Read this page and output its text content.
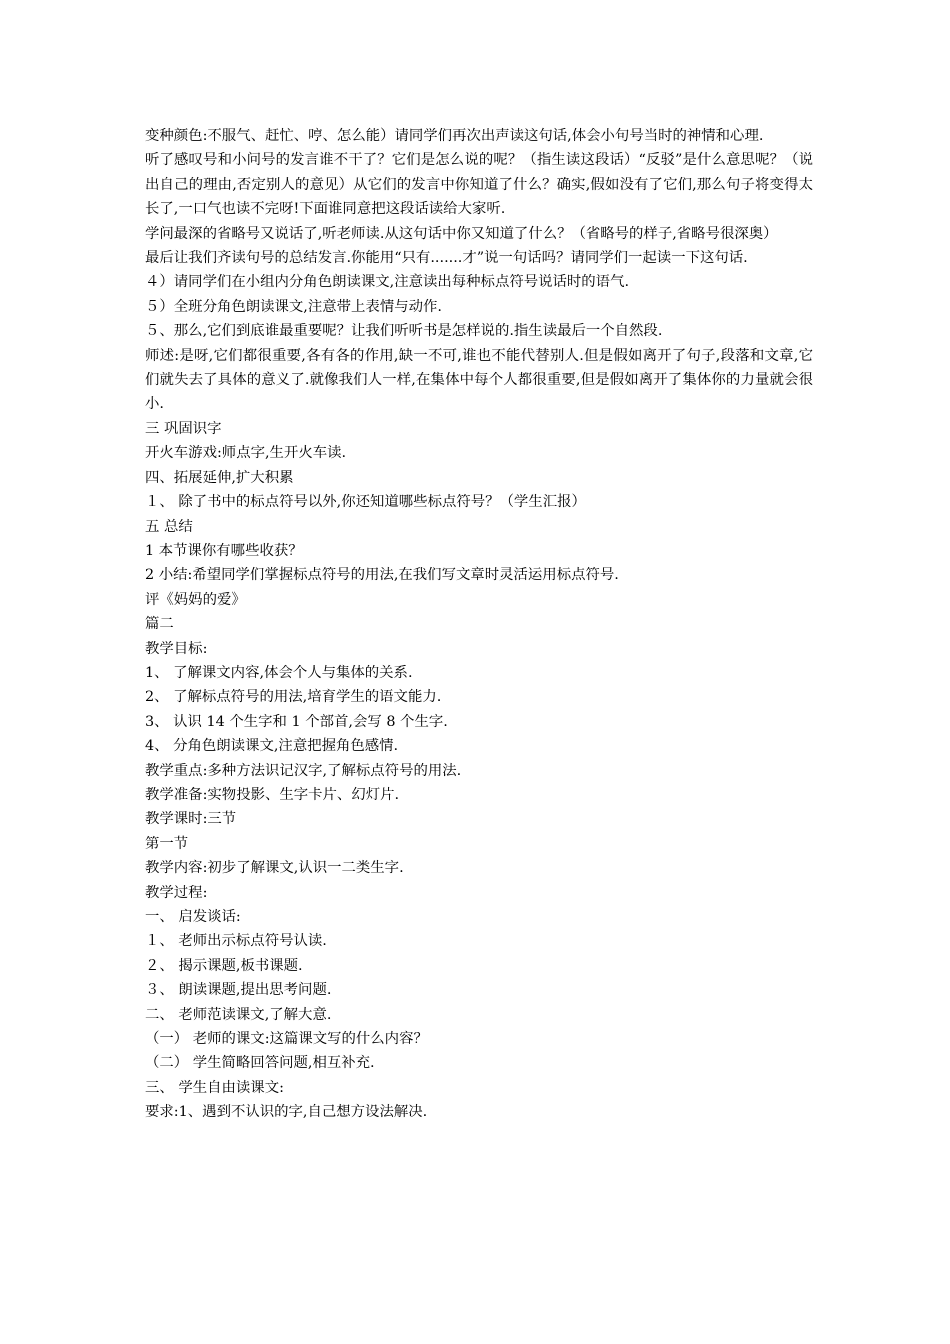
变种颜色:不服气、赶忙、哼、怎么能）请同学们再次出声读这句话,体会小句号当时的神情和心理.

听了感叹号和小问号的发言谁不干了？它们是怎么说的呢？（指生读这段话）“反驳”是什么意思呢？（说出自己的理由,否定别人的意见）从它们的发言中你知道了什么？确实,假如没有了它们,那么句子将变得太长了,一口气也读不完呀!下面谁同意把这段话读给大家听.

学问最深的省略号又说话了,听老师读.从这句话中你又知道了什么？（省略号的样子,省略号很深奥）

最后让我们齐读句号的总结发言.你能用“只有.......才”说一句话吗？请同学们一起读一下这句话.

４）请同学们在小组内分角色朗读课文,注意读出每种标点符号说话时的语气.

５）全班分角色朗读课文,注意带上表情与动作.

５、那么,它们到底谁最重要呢？让我们听听书是怎样说的.指生读最后一个自然段.

师述:是呀,它们都很重要,各有各的作用,缺一不可,谁也不能代替别人.但是假如离开了句子,段落和文章,它们就失去了具体的意义了.就像我们人一样,在集体中每个人都很重要,但是假如离开了集体你的力量就会很小.

三 巩固识字

开火车游戏:师点字,生开火车读.

四、拓展延伸,扩大积累

１、 除了书中的标点符号以外,你还知道哪些标点符号？（学生汇报）

五 总结

1 本节课你有哪些收获？

2 小结:希望同学们掌握标点符号的用法,在我们写文章时灵活运用标点符号.

评《妈妈的爱》

篇二

教学目标:

1、 了解课文内容,体会个人与集体的关系.

2、 了解标点符号的用法,培育学生的语文能力.

3、 认识 14 个生字和 1 个部首,会写 8 个生字.

4、 分角色朗读课文,注意把握角色感情.

教学重点:多种方法识记汉字,了解标点符号的用法.

教学准备:实物投影、生字卡片、幻灯片.

教学课时:三节

第一节

教学内容:初步了解课文,认识一二类生字.

教学过程:

一、 启发谈话:

１、 老师出示标点符号认读.

２、 揭示课题,板书课题.

３、 朗读课题,提出思考问题.

二、 老师范读课文,了解大意.

（一） 老师的课文:这篇课文写的什么内容？

（二） 学生简略回答问题,相互补充.

三、 学生自由读课文:

要求:1、遇到不认识的字,自己想方设法解决.
